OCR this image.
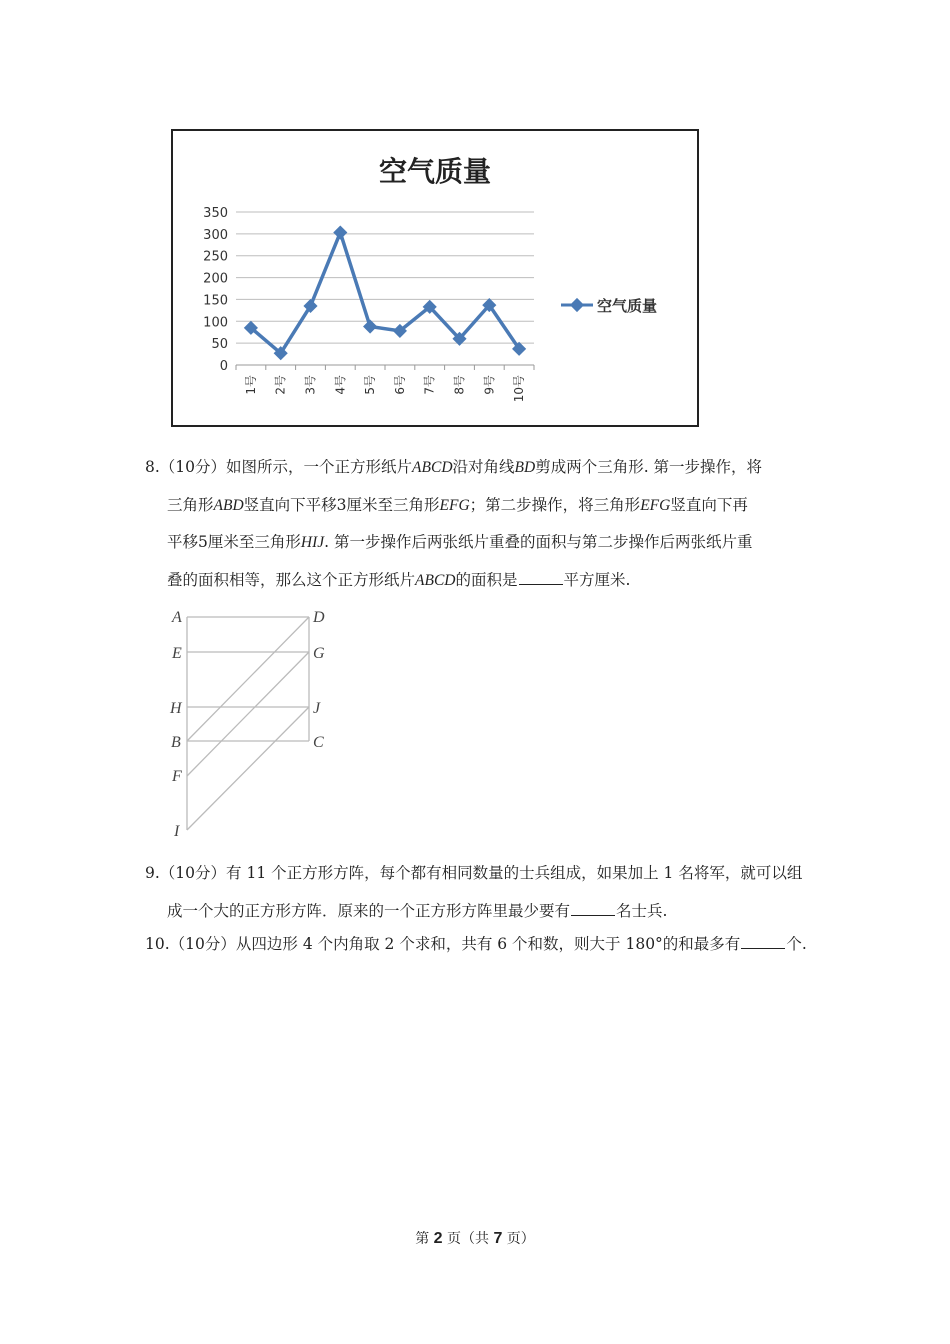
空气质量
0
50
100
150
200
250
300
350
1号 2号 3号 4号 5号 6号 7号 8号 9号 10号
空气质量
8.（10分）如图所示，一个正方形纸片ABCD沿对角线BD剪成两个三角形. 第一步操作，将
三角形ABD竖直向下平移3厘米至三角形EFG；第二步操作，将三角形EFG竖直向下再
平移5厘米至三角形HIJ. 第一步操作后两张纸片重叠的面积与第二步操作后两张纸片重
叠的面积相等，那么这个正方形纸片ABCD的面积是	平方厘米.
A	D
E	G
H	J
B	C
F
I
9.（10分）有 11 个正方形方阵，每个都有相同数量的士兵组成，如果加上 1 名将军，就可以组
成一个大的正方形方阵．原来的一个正方形方阵里最少要有	名士兵.
10.（10分）从四边形 4 个内角取 2 个求和，共有 6 个和数，则大于 180°的和最多有	个.
第 2 页（共 7 页）
